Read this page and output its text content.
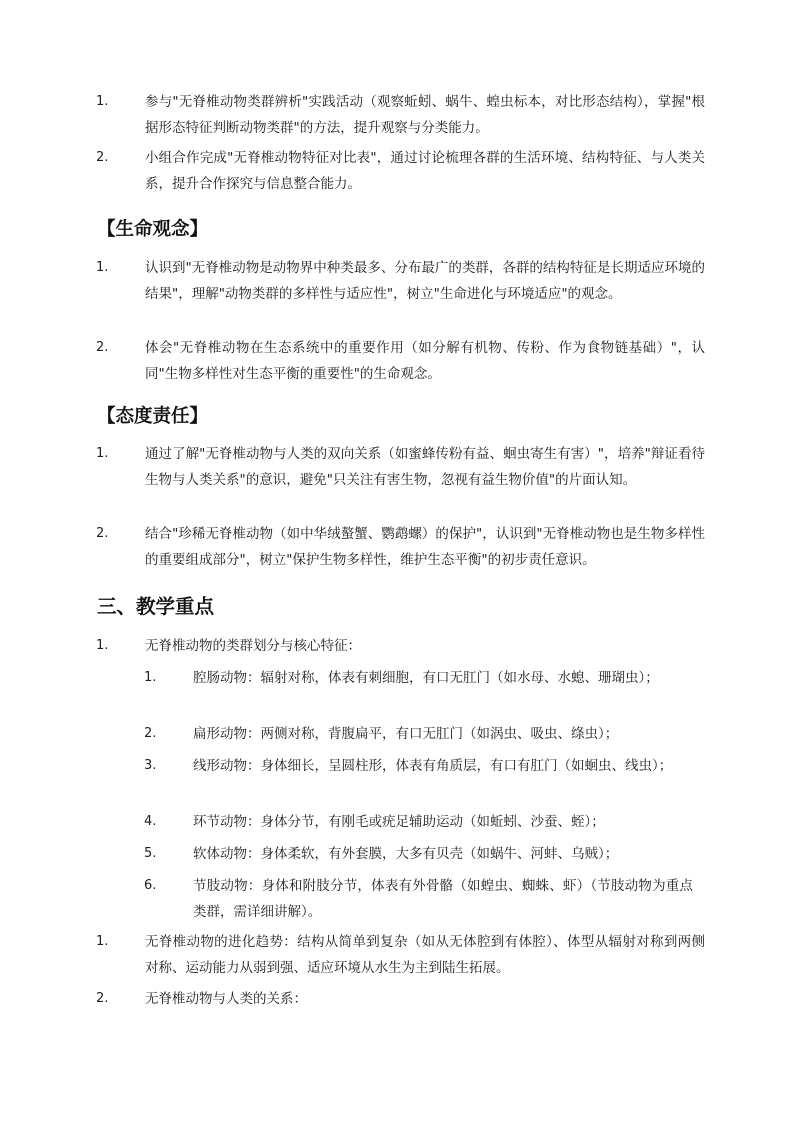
1.	参与"无脊椎动物类群辨析"实践活动（观察蚯蚓、蜗牛、蝗虫标本，对比形态结构），掌握"根据形态特征判断动物类群"的方法，提升观察与分类能力。
2.	小组合作完成"无脊椎动物特征对比表"，通过讨论梳理各群的生活环境、结构特征、与人类关系，提升合作探究与信息整合能力。
【生命观念】
1.	认识到"无脊椎动物是动物界中种类最多、分布最广的类群，各群的结构特征是长期适应环境的结果"，理解"动物类群的多样性与适应性"，树立"生命进化与环境适应"的观念。
2.	体会"无脊椎动物在生态系统中的重要作用（如分解有机物、传粉、作为食物链基础）"，认同"生物多样性对生态平衡的重要性"的生命观念。
【态度责任】
1.	通过了解"无脊椎动物与人类的双向关系（如蜜蜂传粉有益、蛔虫寄生有害）"，培养"辩证看待生物与人类关系"的意识，避免"只关注有害生物，忽视有益生物价值"的片面认知。
2.	结合"珍稀无脊椎动物（如中华绒螯蟹、鹦鹉螺）的保护"，认识到"无脊椎动物也是生物多样性的重要组成部分"，树立"保护生物多样性，维护生态平衡"的初步责任意识。
三、教学重点
1.	无脊椎动物的类群划分与核心特征：
1.	腔肠动物：辐射对称，体表有刺细胞，有口无肛门（如水母、水螅、珊瑚虫）；
2.	扁形动物：两侧对称，背腹扁平，有口无肛门（如涡虫、吸虫、绦虫）；
3.	线形动物：身体细长，呈圆柱形，体表有角质层，有口有肛门（如蛔虫、线虫）；
4.	环节动物：身体分节，有刚毛或疣足辅助运动（如蚯蚓、沙蚕、蛭）；
5.	软体动物：身体柔软，有外套膜，大多有贝壳（如蜗牛、河蚌、乌贼）；
6.	节肢动物：身体和附肢分节，体表有外骨骼（如蝗虫、蜘蛛、虾）（节肢动物为重点类群，需详细讲解）。
1.	无脊椎动物的进化趋势：结构从简单到复杂（如从无体腔到有体腔）、体型从辐射对称到两侧对称、运动能力从弱到强、适应环境从水生为主到陆生拓展。
2.	无脊椎动物与人类的关系：
